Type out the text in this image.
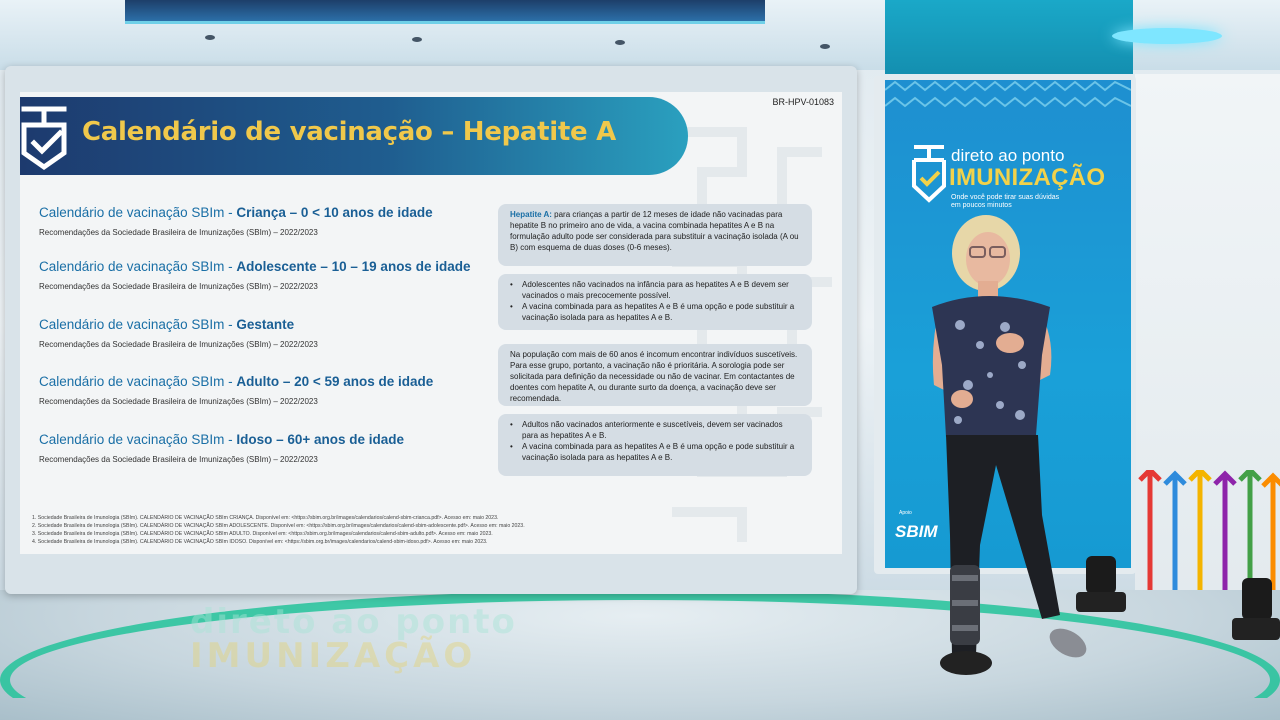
direto ao ponto
IMUNIZAÇÃO
BR-HPV-01083
Calendário de vacinação – Hepatite A
Calendário de vacinação SBIm - Criança – 0 < 10 anos de idade
Recomendações da Sociedade Brasileira de Imunizações (SBIm) – 2022/2023
Calendário de vacinação SBIm - Adolescente – 10 – 19 anos de idade
Recomendações da Sociedade Brasileira de Imunizações (SBIm) – 2022/2023
Calendário de vacinação SBIm - Gestante
Recomendações da Sociedade Brasileira de Imunizações (SBIm) – 2022/2023
Calendário de vacinação SBIm - Adulto – 20 < 59 anos de idade
Recomendações da Sociedade Brasileira de Imunizações (SBIm) – 2022/2023
Calendário de vacinação SBIm - Idoso – 60+ anos de idade
Recomendações da Sociedade Brasileira de Imunizações (SBIm) – 2022/2023
Hepatite A: para crianças a partir de 12 meses de idade não vacinadas para hepatite B no primeiro ano de vida, a vacina combinada hepatites A e B na formulação adulto pode ser considerada para substituir a vacinação isolada (A ou B) com esquema de duas doses (0-6 meses).
• Adolescentes não vacinados na infância para as hepatites A e B devem ser vacinados o mais precocemente possível.
• A vacina combinada para as hepatites A e B é uma opção e pode substituir a vacinação isolada para as hepatites A e B.
Na população com mais de 60 anos é incomum encontrar indivíduos suscetíveis. Para esse grupo, portanto, a vacinação não é prioritária. A sorologia pode ser solicitada para definição da necessidade ou não de vacinar. Em contactantes de doentes com hepatite A, ou durante surto da doença, a vacinação deve ser recomendada.
• Adultos não vacinados anteriormente e suscetíveis, devem ser vacinados para as hepatites A e B.
• A vacina combinada para as hepatites A e B é uma opção e pode substituir a vacinação isolada para as hepatites A e B.
1. Sociedade Brasileira de Imunologia (SBIm). CALENDÁRIO DE VACINAÇÃO SBIm CRIANÇA. Disponível em: <https://sbim.org.br/images/calendarios/calend-sbim-crianca.pdf>. Acesso em: maio 2023.
2. Sociedade Brasileira de Imunologia (SBIm). CALENDÁRIO DE VACINAÇÃO SBIm ADOLESCENTE. Disponível em: <https://sbim.org.br/images/calendarios/calend-sbim-adolescente.pdf>. Acesso em: maio 2023.
3. Sociedade Brasileira de Imunologia (SBIm). CALENDÁRIO DE VACINAÇÃO SBIm ADULTO. Disponível em: <https://sbim.org.br/images/calendarios/calend-sbim-adulto.pdf>. Acesso em: maio 2023.
4. Sociedade Brasileira de Imunologia (SBIm). CALENDÁRIO DE VACINAÇÃO SBIm IDOSO. Disponível em: <https://sbim.org.br/images/calendarios/calend-sbim-idoso.pdf>. Acesso em: maio 2023.
direto ao ponto
IMUNIZAÇÃO
Onde você pode tirar suas dúvidas em poucos minutos
Apoio
SBIM
